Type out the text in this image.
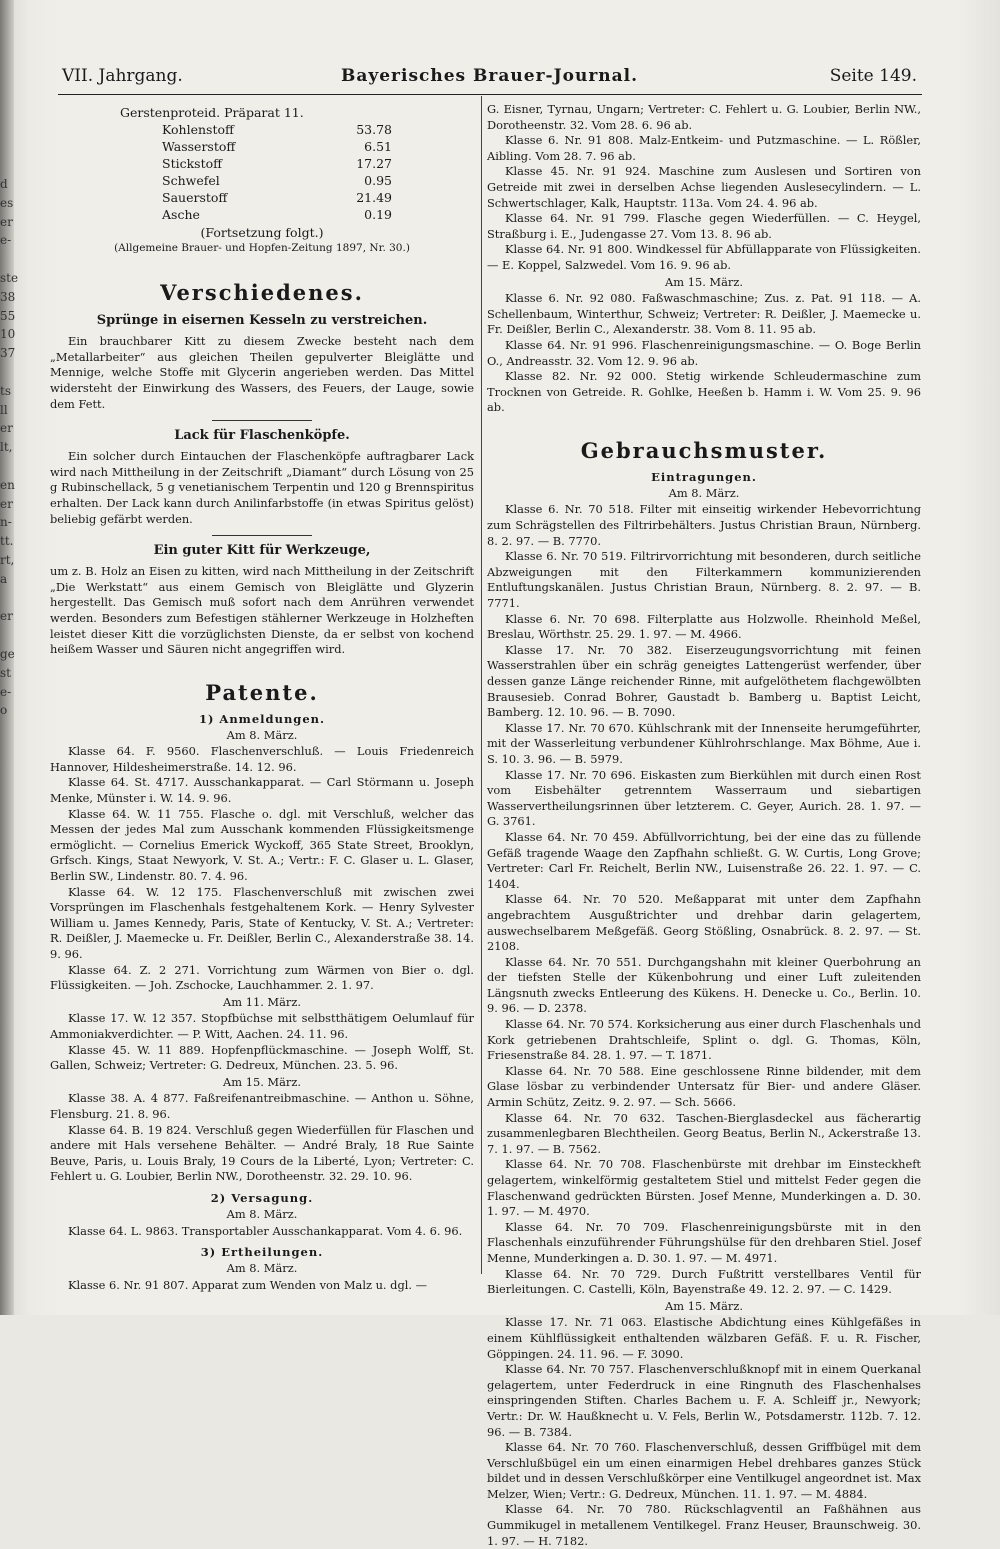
d
es
er
e-
ste
38
55
10
37
ts
ll
er
lt,
en
er
n-
tt.
rt,
a
er
ge
st
e-
o
VII. Jahrgang.	Bayerisches Brauer-Journal.	Seite 149.
Gerstenproteid. Präparat 11.
Kohlenstoff	53.78
Wasserstoff	6.51
Stickstoff	17.27
Schwefel	0.95
Sauerstoff	21.49
Asche	0.19

(Fortsetzung folgt.)

(Allgemeine Brauer- und Hopfen-Zeitung 1897, Nr. 30.)

Verschiedenes.
Sprünge in eisernen Kesseln zu verstreichen.

Ein brauchbarer Kitt zu diesem Zwecke besteht nach dem „Metallarbeiter“ aus gleichen Theilen gepulverter Bleiglätte und Mennige, welche Stoffe mit Glycerin angerieben werden. Das Mittel widersteht der Einwirkung des Wassers, des Feuers, der Lauge, sowie dem Fett.

Lack für Flaschenköpfe.

Ein solcher durch Eintauchen der Flaschenköpfe auftragbarer Lack wird nach Mittheilung in der Zeitschrift „Diamant“ durch Lösung von 25 g Rubinschellack, 5 g venetianischem Terpentin und 120 g Brennspiritus erhalten. Der Lack kann durch Anilinfarbstoffe (in etwas Spiritus gelöst) beliebig gefärbt werden.

Ein guter Kitt für Werkzeuge,

um z. B. Holz an Eisen zu kitten, wird nach Mittheilung in der Zeitschrift „Die Werkstatt“ aus einem Gemisch von Bleiglätte und Glyzerin hergestellt. Das Gemisch muß sofort nach dem Anrühren verwendet werden. Besonders zum Befestigen stählerner Werkzeuge in Holzheften leistet dieser Kitt die vorzüglichsten Dienste, da er selbst von kochend heißem Wasser und Säuren nicht angegriffen wird.

Patente.
1) Anmeldungen.

Am 8. März.

Klasse 64. F. 9560. Flaschenverschluß. — Louis Friedenreich Hannover, Hildesheimerstraße. 14. 12. 96.

Klasse 64. St. 4717. Ausschankapparat. — Carl Störmann u. Joseph Menke, Münster i. W. 14. 9. 96.

Klasse 64. W. 11 755. Flasche o. dgl. mit Verschluß, welcher das Messen der jedes Mal zum Ausschank kommenden Flüssigkeitsmenge ermöglicht. — Cornelius Emerick Wyckoff, 365 State Street, Brooklyn, Grfsch. Kings, Staat Newyork, V. St. A.; Vertr.: F. C. Glaser u. L. Glaser, Berlin SW., Lindenstr. 80. 7. 4. 96.

Klasse 64. W. 12 175. Flaschenverschluß mit zwischen zwei Vorsprüngen im Flaschenhals festgehaltenem Kork. — Henry Sylvester William u. James Kennedy, Paris, State of Kentucky, V. St. A.; Vertreter: R. Deißler, J. Maemecke u. Fr. Deißler, Berlin C., Alexanderstraße 38. 14. 9. 96.

Klasse 64. Z. 2 271. Vorrichtung zum Wärmen von Bier o. dgl. Flüssigkeiten. — Joh. Zschocke, Lauchhammer. 2. 1. 97.

Am 11. März.

Klasse 17. W. 12 357. Stopfbüchse mit selbstthätigem Oelumlauf für Ammoniakverdichter. — P. Witt, Aachen. 24. 11. 96.

Klasse 45. W. 11 889. Hopfenpflückmaschine. — Joseph Wolff, St. Gallen, Schweiz; Vertreter: G. Dedreux, München. 23. 5. 96.

Am 15. März.

Klasse 38. A. 4 877. Faßreifenantreibmaschine. — Anthon u. Söhne, Flensburg. 21. 8. 96.

Klasse 64. B. 19 824. Verschluß gegen Wiederfüllen für Flaschen und andere mit Hals versehene Behälter. — André Braly, 18 Rue Sainte Beuve, Paris, u. Louis Braly, 19 Cours de la Liberté, Lyon; Vertreter: C. Fehlert u. G. Loubier, Berlin NW., Dorotheenstr. 32. 29. 10. 96.

2) Versagung.

Am 8. März.

Klasse 64. L. 9863. Transportabler Ausschankapparat. Vom 4. 6. 96.

3) Ertheilungen.

Am 8. März.

Klasse 6. Nr. 91 807. Apparat zum Wenden von Malz u. dgl. —

G. Eisner, Tyrnau, Ungarn; Vertreter: C. Fehlert u. G. Loubier, Berlin NW., Dorotheenstr. 32. Vom 28. 6. 96 ab.

Klasse 6. Nr. 91 808. Malz-Entkeim- und Putzmaschine. — L. Rößler, Aibling. Vom 28. 7. 96 ab.

Klasse 45. Nr. 91 924. Maschine zum Auslesen und Sortiren von Getreide mit zwei in derselben Achse liegenden Auslesecylindern. — L. Schwertschlager, Kalk, Hauptstr. 113a. Vom 24. 4. 96 ab.

Klasse 64. Nr. 91 799. Flasche gegen Wiederfüllen. — C. Heygel, Straßburg i. E., Judengasse 27. Vom 13. 8. 96 ab.

Klasse 64. Nr. 91 800. Windkessel für Abfüllapparate von Flüssigkeiten. — E. Koppel, Salzwedel. Vom 16. 9. 96 ab.

Am 15. März.

Klasse 6. Nr. 92 080. Faßwaschmaschine; Zus. z. Pat. 91 118. — A. Schellenbaum, Winterthur, Schweiz; Vertreter: R. Deißler, J. Maemecke u. Fr. Deißler, Berlin C., Alexanderstr. 38. Vom 8. 11. 95 ab.

Klasse 64. Nr. 91 996. Flaschenreinigungsmaschine. — O. Boge Berlin O., Andreasstr. 32. Vom 12. 9. 96 ab.

Klasse 82. Nr. 92 000. Stetig wirkende Schleudermaschine zum Trocknen von Getreide. R. Gohlke, Heeßen b. Hamm i. W. Vom 25. 9. 96 ab.

Gebrauchsmuster.
Eintragungen.

Am 8. März.

Klasse 6. Nr. 70 518. Filter mit einseitig wirkender Hebevorrichtung zum Schrägstellen des Filtrirbehälters. Justus Christian Braun, Nürnberg. 8. 2. 97. — B. 7770.

Klasse 6. Nr. 70 519. Filtrirvorrichtung mit besonderen, durch seitliche Abzweigungen mit den Filterkammern kommunizierenden Entluftungskanälen. Justus Christian Braun, Nürnberg. 8. 2. 97. — B. 7771.

Klasse 6. Nr. 70 698. Filterplatte aus Holzwolle. Rheinhold Meßel, Breslau, Wörthstr. 25. 29. 1. 97. — M. 4966.

Klasse 17. Nr. 70 382. Eiserzeugungsvorrichtung mit feinen Wasserstrahlen über ein schräg geneigtes Lattengerüst werfender, über dessen ganze Länge reichender Rinne, mit aufgelöthetem flachgewölbten Brausesieb. Conrad Bohrer, Gaustadt b. Bamberg u. Baptist Leicht, Bamberg. 12. 10. 96. — B. 7090.

Klasse 17. Nr. 70 670. Kühlschrank mit der Innenseite herumgeführter, mit der Wasserleitung verbundener Kühlrohrschlange. Max Böhme, Aue i. S. 10. 3. 96. — B. 5979.

Klasse 17. Nr. 70 696. Eiskasten zum Bierkühlen mit durch einen Rost vom Eisbehälter getrenntem Wasserraum und siebartigen Wasservertheilungsrinnen über letzterem. C. Geyer, Aurich. 28. 1. 97. — G. 3761.

Klasse 64. Nr. 70 459. Abfüllvorrichtung, bei der eine das zu füllende Gefäß tragende Waage den Zapfhahn schließt. G. W. Curtis, Long Grove; Vertreter: Carl Fr. Reichelt, Berlin NW., Luisenstraße 26. 22. 1. 97. — C. 1404.

Klasse 64. Nr. 70 520. Meßapparat mit unter dem Zapfhahn angebrachtem Ausgußtrichter und drehbar darin gelagertem, auswechselbarem Meßgefäß. Georg Stößling, Osnabrück. 8. 2. 97. — St. 2108.

Klasse 64. Nr. 70 551. Durchgangshahn mit kleiner Querbohrung an der tiefsten Stelle der Kükenbohrung und einer Luft zuleitenden Längsnuth zwecks Entleerung des Kükens. H. Denecke u. Co., Berlin. 10. 9. 96. — D. 2378.

Klasse 64. Nr. 70 574. Korksicherung aus einer durch Flaschenhals und Kork getriebenen Drahtschleife, Splint o. dgl. G. Thomas, Köln, Friesenstraße 84. 28. 1. 97. — T. 1871.

Klasse 64. Nr. 70 588. Eine geschlossene Rinne bildender, mit dem Glase lösbar zu verbindender Untersatz für Bier- und andere Gläser. Armin Schütz, Zeitz. 9. 2. 97. — Sch. 5666.

Klasse 64. Nr. 70 632. Taschen-Bierglasdeckel aus fächerartig zusammenlegbaren Blechtheilen. Georg Beatus, Berlin N., Ackerstraße 13. 7. 1. 97. — B. 7562.

Klasse 64. Nr. 70 708. Flaschenbürste mit drehbar im Einsteckheft gelagertem, winkelförmig gestaltetem Stiel und mittelst Feder gegen die Flaschenwand gedrückten Bürsten. Josef Menne, Munderkingen a. D. 30. 1. 97. — M. 4970.

Klasse 64. Nr. 70 709. Flaschenreinigungsbürste mit in den Flaschenhals einzuführender Führungshülse für den drehbaren Stiel. Josef Menne, Munderkingen a. D. 30. 1. 97. — M. 4971.

Klasse 64. Nr. 70 729. Durch Fußtritt verstellbares Ventil für Bierleitungen. C. Castelli, Köln, Bayenstraße 49. 12. 2. 97. — C. 1429.

Am 15. März.

Klasse 17. Nr. 71 063. Elastische Abdichtung eines Kühlgefäßes in einem Kühlflüssigkeit enthaltenden wälzbaren Gefäß. F. u. R. Fischer, Göppingen. 24. 11. 96. — F. 3090.

Klasse 64. Nr. 70 757. Flaschenverschlußknopf mit in einem Querkanal gelagertem, unter Federdruck in eine Ringnuth des Flaschenhalses einspringenden Stiften. Charles Bachem u. F. A. Schleiff jr., Newyork; Vertr.: Dr. W. Haußknecht u. V. Fels, Berlin W., Potsdamerstr. 112b. 7. 12. 96. — B. 7384.

Klasse 64. Nr. 70 760. Flaschenverschluß, dessen Griffbügel mit dem Verschlußbügel ein um einen einarmigen Hebel drehbares ganzes Stück bildet und in dessen Verschlußkörper eine Ventilkugel angeordnet ist. Max Melzer, Wien; Vertr.: G. Dedreux, München. 11. 1. 97. — M. 4884.

Klasse 64. Nr. 70 780. Rückschlagventil an Faßhähnen aus Gummikugel in metallenem Ventilkegel. Franz Heuser, Braunschweig. 30. 1. 97. — H. 7182.
